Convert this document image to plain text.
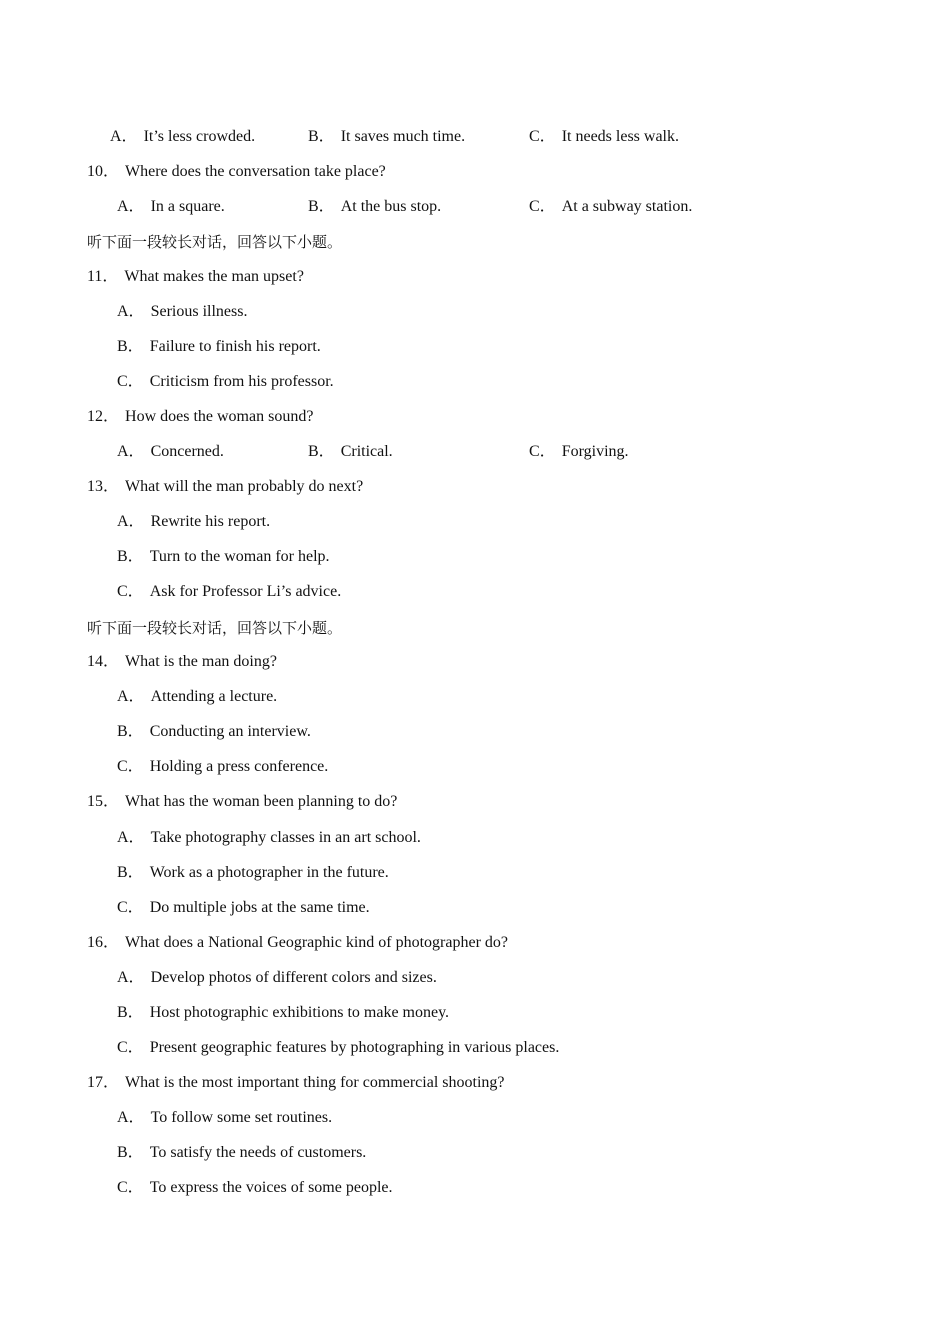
A． It’s less crowded.	B． It saves much time.	C． It needs less walk.
10． Where does the conversation take place?
A． In a square.	B． At the bus stop.	C． At a subway station.
听下面一段较长对话，回答以下小题。
11． What makes the man upset?
A． Serious illness.
B． Failure to finish his report.
C． Criticism from his professor.
12． How does the woman sound?
A． Concerned.	B． Critical.	C． Forgiving.
13． What will the man probably do next?
A． Rewrite his report.
B． Turn to the woman for help.
C． Ask for Professor Li’s advice.
听下面一段较长对话，回答以下小题。
14． What is the man doing?
A． Attending a lecture.
B． Conducting an interview.
C． Holding a press conference.
15． What has the woman been planning to do?
A． Take photography classes in an art school.
B． Work as a photographer in the future.
C． Do multiple jobs at the same time.
16． What does a National Geographic kind of photographer do?
A． Develop photos of different colors and sizes.
B． Host photographic exhibitions to make money.
C． Present geographic features by photographing in various places.
17． What is the most important thing for commercial shooting?
A． To follow some set routines.
B． To satisfy the needs of customers.
C． To express the voices of some people.
